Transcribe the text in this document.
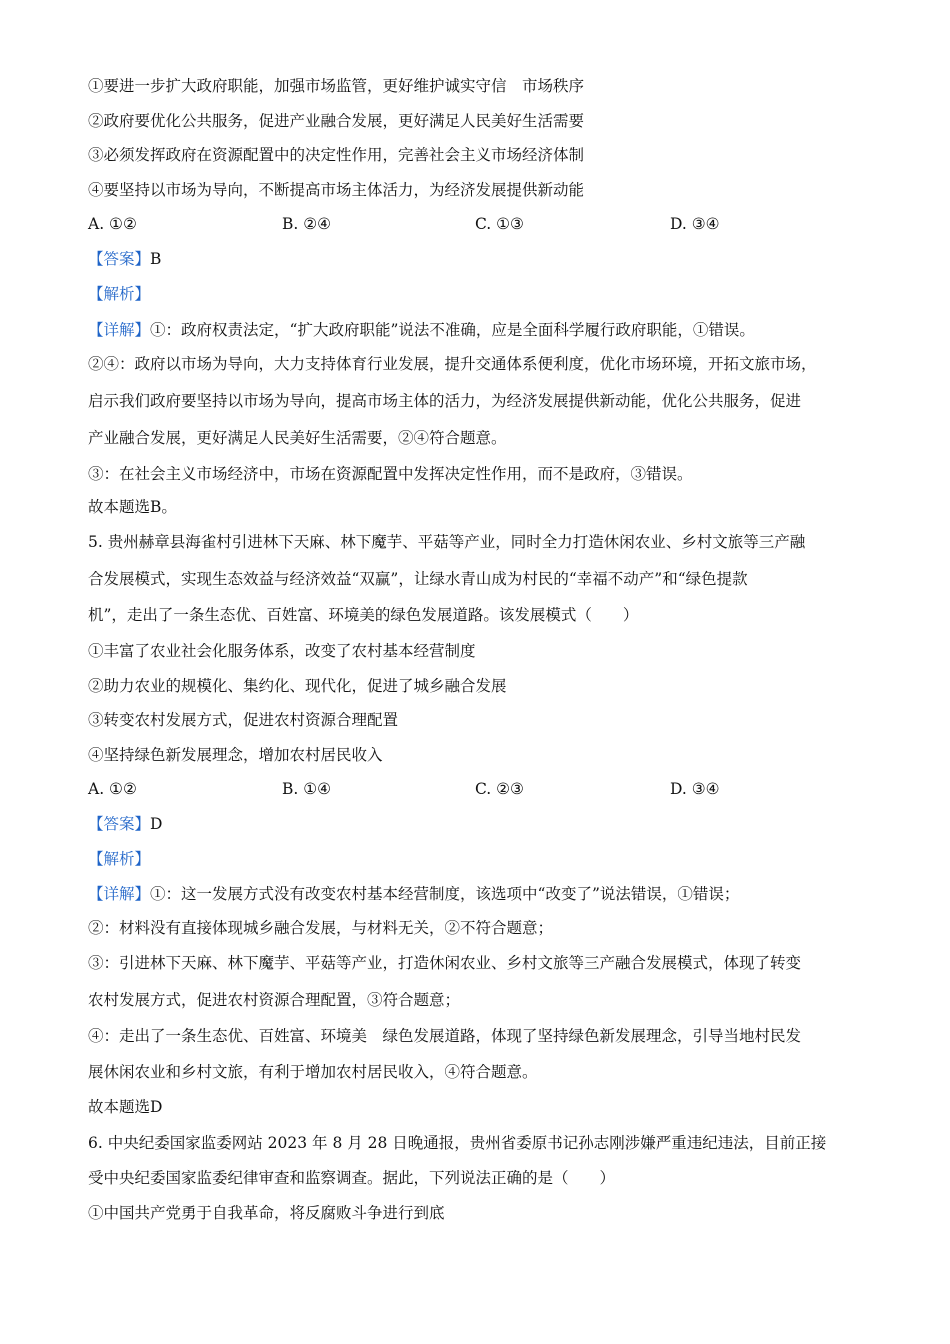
①要进一步扩大政府职能，加强市场监管，更好维护诚实守信　市场秩序
②政府要优化公共服务，促进产业融合发展，更好满足人民美好生活需要
③必须发挥政府在资源配置中的决定性作用，完善社会主义市场经济体制
④要坚持以市场为导向，不断提高市场主体活力，为经济发展提供新动能
A. ①②	B. ②④	C. ①③	D. ③④
【答案】B
【解析】
【详解】①：政府权责法定，“扩大政府职能”说法不准确，应是全面科学履行政府职能，①错误。
②④：政府以市场为导向，大力支持体育行业发展，提升交通体系便利度，优化市场环境，开拓文旅市场，
启示我们政府要坚持以市场为导向，提高市场主体的活力，为经济发展提供新动能，优化公共服务，促进
产业融合发展，更好满足人民美好生活需要，②④符合题意。
③：在社会主义市场经济中，市场在资源配置中发挥决定性作用，而不是政府，③错误。
故本题选B。
5. 贵州赫章县海雀村引进林下天麻、林下魔芋、平菇等产业，同时全力打造休闲农业、乡村文旅等三产融
合发展模式，实现生态效益与经济效益“双赢”，让绿水青山成为村民的“幸福不动产”和“绿色提款
机”，走出了一条生态优、百姓富、环境美的绿色发展道路。该发展模式（　　）
①丰富了农业社会化服务体系，改变了农村基本经营制度
②助力农业的规模化、集约化、现代化，促进了城乡融合发展
③转变农村发展方式，促进农村资源合理配置
④坚持绿色新发展理念，增加农村居民收入
A. ①②	B. ①④	C. ②③	D. ③④
【答案】D
【解析】
【详解】①：这一发展方式没有改变农村基本经营制度，该选项中“改变了”说法错误，①错误；
②：材料没有直接体现城乡融合发展，与材料无关，②不符合题意；
③：引进林下天麻、林下魔芋、平菇等产业，打造休闲农业、乡村文旅等三产融合发展模式，体现了转变
农村发展方式，促进农村资源合理配置，③符合题意；
④：走出了一条生态优、百姓富、环境美　绿色发展道路，体现了坚持绿色新发展理念，引导当地村民发
展休闲农业和乡村文旅，有利于增加农村居民收入，④符合题意。
故本题选D
6. 中央纪委国家监委网站 2023 年 8 月 28 日晚通报，贵州省委原书记孙志刚涉嫌严重违纪违法，目前正接
受中央纪委国家监委纪律审查和监察调查。据此，下列说法正确的是（　　）
①中国共产党勇于自我革命，将反腐败斗争进行到底
